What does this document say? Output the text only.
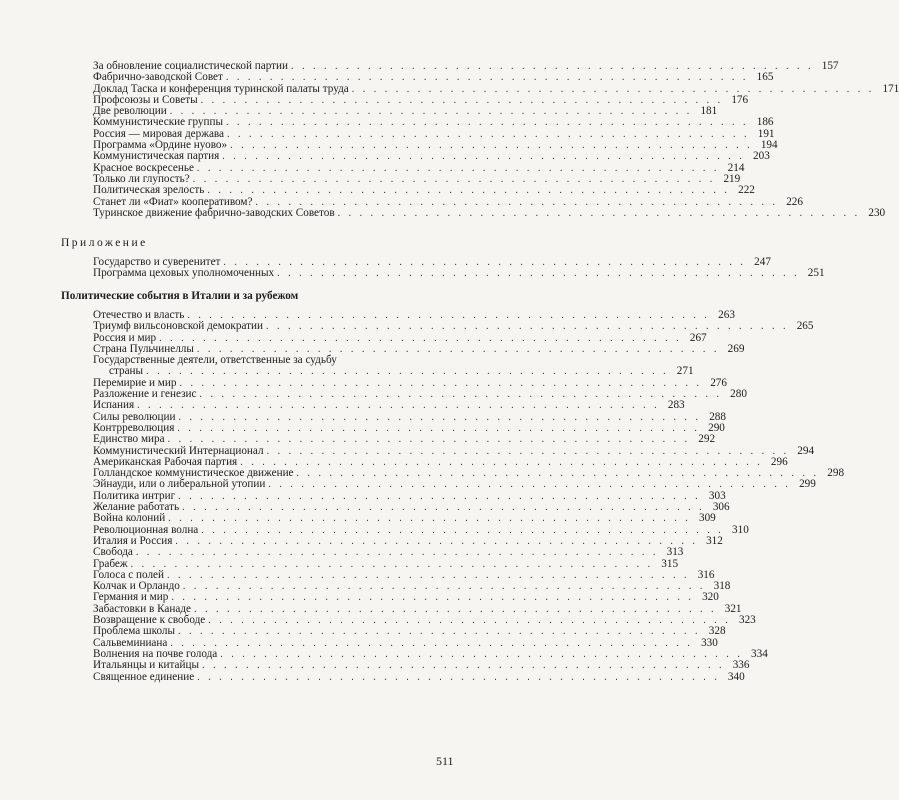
За обновление социалистической партии . . . . . . . . . . . . . . . . . . . . . . . . . . . . . . . . . . . . . . . . . . . . . . . . 157
Фабрично-заводской Совет . . . . . . . . . . . . . . . . . . . . . . . . . . . . . . . . . . . . . . . . . . . . . . . . 165
Доклад Таска и конференция туринской палаты труда . . . . . . . . . . . . . . . . . . . . . . . . . . . . . . . . . . . . . . . . . . . . . . . . 171
Профсоюзы и Советы . . . . . . . . . . . . . . . . . . . . . . . . . . . . . . . . . . . . . . . . . . . . . . . . 176
Две революции . . . . . . . . . . . . . . . . . . . . . . . . . . . . . . . . . . . . . . . . . . . . . . . . 181
Коммунистические группы . . . . . . . . . . . . . . . . . . . . . . . . . . . . . . . . . . . . . . . . . . . . . . . . 186
Россия — мировая держава . . . . . . . . . . . . . . . . . . . . . . . . . . . . . . . . . . . . . . . . . . . . . . . . 191
Программа «Ордине нуово» . . . . . . . . . . . . . . . . . . . . . . . . . . . . . . . . . . . . . . . . . . . . . . . . 194
Коммунистическая партия . . . . . . . . . . . . . . . . . . . . . . . . . . . . . . . . . . . . . . . . . . . . . . . . 203
Красное воскресенье . . . . . . . . . . . . . . . . . . . . . . . . . . . . . . . . . . . . . . . . . . . . . . . . 214
Только ли глупость? . . . . . . . . . . . . . . . . . . . . . . . . . . . . . . . . . . . . . . . . . . . . . . . . 219
Политическая зрелость . . . . . . . . . . . . . . . . . . . . . . . . . . . . . . . . . . . . . . . . . . . . . . . . 222
Станет ли «Фиат» кооперативом? . . . . . . . . . . . . . . . . . . . . . . . . . . . . . . . . . . . . . . . . . . . . . . . . 226
Туринское движение фабрично-заводских Советов . . . . . . . . . . . . . . . . . . . . . . . . . . . . . . . . . . . . . . . . . . . . . . . . 230
Приложение
Государство и суверенитет . . . . . . . . . . . . . . . . . . . . . . . . . . . . . . . . . . . . . . . . . . . . . . . . 247
Программа цеховых уполномоченных . . . . . . . . . . . . . . . . . . . . . . . . . . . . . . . . . . . . . . . . . . . . . . . . 251
Политические события в Италии и за рубежом
Отечество и власть . . . . . . . . . . . . . . . . . . . . . . . . . . . . . . . . . . . . . . . . . . . . . . . . 263
Триумф вильсоновской демократии . . . . . . . . . . . . . . . . . . . . . . . . . . . . . . . . . . . . . . . . . . . . . . . . 265
Россия и мир . . . . . . . . . . . . . . . . . . . . . . . . . . . . . . . . . . . . . . . . . . . . . . . . 267
Страна Пульчинеллы . . . . . . . . . . . . . . . . . . . . . . . . . . . . . . . . . . . . . . . . . . . . . . . . 269
Государственные деятели, ответственные за судьбу
страны . . . . . . . . . . . . . . . . . . . . . . . . . . . . . . . . . . . . . . . . . . . . . . . . 271
Перемирие и мир . . . . . . . . . . . . . . . . . . . . . . . . . . . . . . . . . . . . . . . . . . . . . . . . 276
Разложение и генезис . . . . . . . . . . . . . . . . . . . . . . . . . . . . . . . . . . . . . . . . . . . . . . . . 280
Испания . . . . . . . . . . . . . . . . . . . . . . . . . . . . . . . . . . . . . . . . . . . . . . . . 283
Силы революции . . . . . . . . . . . . . . . . . . . . . . . . . . . . . . . . . . . . . . . . . . . . . . . . 288
Контрреволюция . . . . . . . . . . . . . . . . . . . . . . . . . . . . . . . . . . . . . . . . . . . . . . . . 290
Единство мира . . . . . . . . . . . . . . . . . . . . . . . . . . . . . . . . . . . . . . . . . . . . . . . . 292
Коммунистический Интернационал . . . . . . . . . . . . . . . . . . . . . . . . . . . . . . . . . . . . . . . . . . . . . . . . 294
Американская Рабочая партия . . . . . . . . . . . . . . . . . . . . . . . . . . . . . . . . . . . . . . . . . . . . . . . . 296
Голландское коммунистическое движение . . . . . . . . . . . . . . . . . . . . . . . . . . . . . . . . . . . . . . . . . . . . . . . . 298
Эйнауди, или о либеральной утопии . . . . . . . . . . . . . . . . . . . . . . . . . . . . . . . . . . . . . . . . . . . . . . . . 299
Политика интриг . . . . . . . . . . . . . . . . . . . . . . . . . . . . . . . . . . . . . . . . . . . . . . . . 303
Желание работать . . . . . . . . . . . . . . . . . . . . . . . . . . . . . . . . . . . . . . . . . . . . . . . . 306
Война колоний . . . . . . . . . . . . . . . . . . . . . . . . . . . . . . . . . . . . . . . . . . . . . . . . 309
Революционная волна . . . . . . . . . . . . . . . . . . . . . . . . . . . . . . . . . . . . . . . . . . . . . . . . 310
Италия и Россия . . . . . . . . . . . . . . . . . . . . . . . . . . . . . . . . . . . . . . . . . . . . . . . . 312
Свобода . . . . . . . . . . . . . . . . . . . . . . . . . . . . . . . . . . . . . . . . . . . . . . . . 313
Грабеж . . . . . . . . . . . . . . . . . . . . . . . . . . . . . . . . . . . . . . . . . . . . . . . . 315
Голоса с полей . . . . . . . . . . . . . . . . . . . . . . . . . . . . . . . . . . . . . . . . . . . . . . . . 316
Колчак и Орландо . . . . . . . . . . . . . . . . . . . . . . . . . . . . . . . . . . . . . . . . . . . . . . . . 318
Германия и мир . . . . . . . . . . . . . . . . . . . . . . . . . . . . . . . . . . . . . . . . . . . . . . . . 320
Забастовки в Канаде . . . . . . . . . . . . . . . . . . . . . . . . . . . . . . . . . . . . . . . . . . . . . . . . 321
Возвращение к свободе . . . . . . . . . . . . . . . . . . . . . . . . . . . . . . . . . . . . . . . . . . . . . . . . 323
Проблема школы . . . . . . . . . . . . . . . . . . . . . . . . . . . . . . . . . . . . . . . . . . . . . . . . 328
Сальвеминиана . . . . . . . . . . . . . . . . . . . . . . . . . . . . . . . . . . . . . . . . . . . . . . . . 330
Волнения на почве голода . . . . . . . . . . . . . . . . . . . . . . . . . . . . . . . . . . . . . . . . . . . . . . . . 334
Итальянцы и китайцы . . . . . . . . . . . . . . . . . . . . . . . . . . . . . . . . . . . . . . . . . . . . . . . . 336
Священное единение . . . . . . . . . . . . . . . . . . . . . . . . . . . . . . . . . . . . . . . . . . . . . . . . 340
511
